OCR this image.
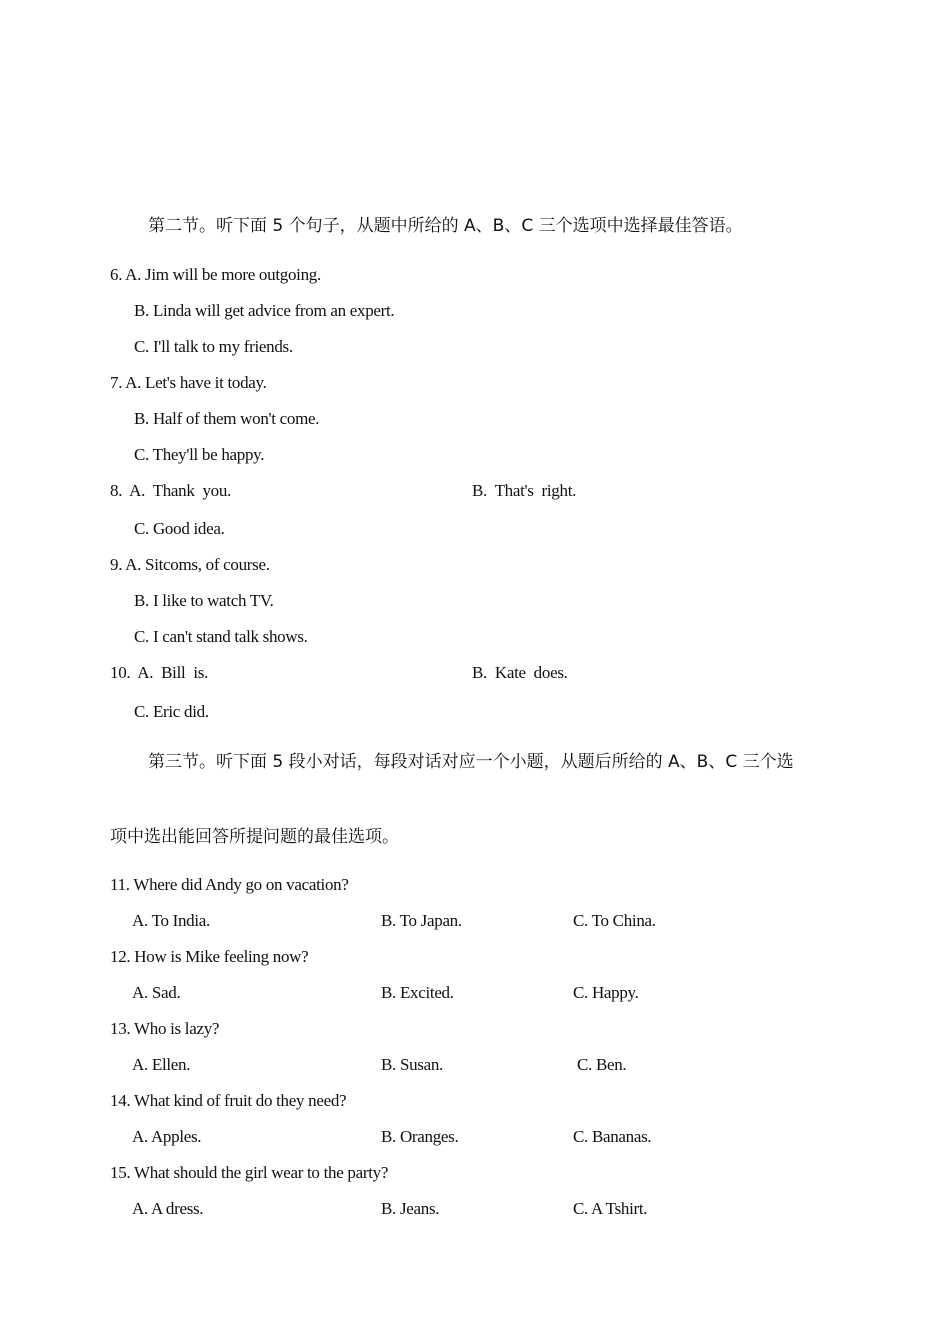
第二节。听下面 5 个句子，从题中所给的 A、B、C 三个选项中选择最佳答语。
6. A. Jim will be more outgoing.
B. Linda will get advice from an expert.
C. I'll talk to my friends.
7. A. Let's have it today.
B. Half of them won't come.
C. They'll be happy.
8.  A.  Thank  you.	B.  That's  right.
C. Good idea.
9. A. Sitcoms, of course.
B. I like to watch TV.
C. I can't stand talk shows.
10.  A.  Bill  is.	B.  Kate  does.
C. Eric did.
第三节。听下面 5 段小对话，每段对话对应一个小题，从题后所给的 A、B、C 三个选
项中选出能回答所提问题的最佳选项。
11. Where did Andy go on vacation?
A. To India.	B. To Japan.	C. To China.
12. How is Mike feeling now?
A. Sad.	B. Excited.	C. Happy.
13. Who is lazy?
A. Ellen.	B. Susan.	C. Ben.
14. What kind of fruit do they need?
A. Apples.	B. Oranges.	C. Bananas.
15. What should the girl wear to the party?
A. A dress.	B. Jeans.	C. A Tshirt.
